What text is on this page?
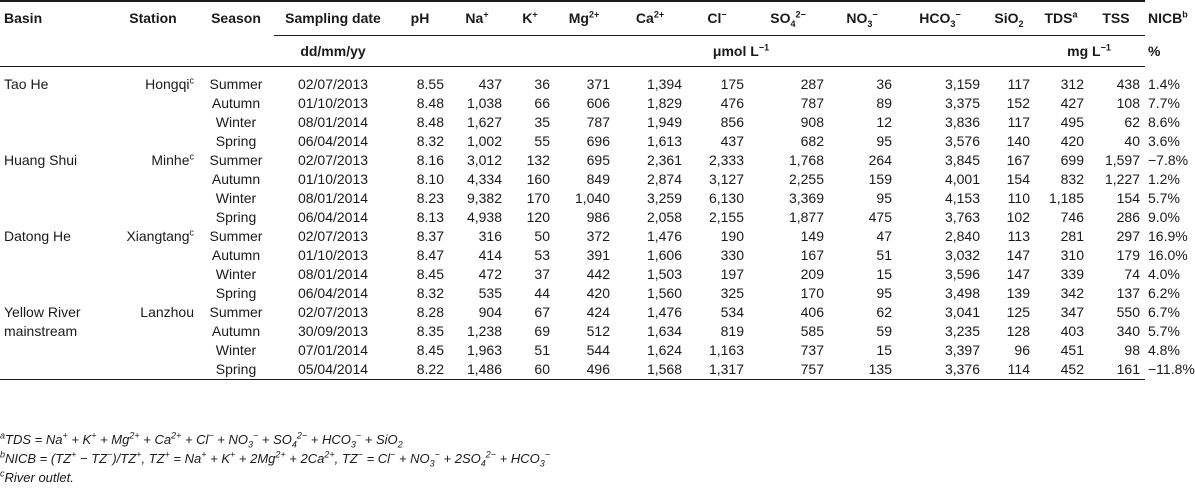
Basin	Station	Season	Sampling date	pH	Na+	K+	$Mg^{2+}$	$Ca^{2+}$	Cl−	$SO_4^{2-}$	$NO_3^-$	$HCO_3^-$	SiO$_2$	TDS$^a$	TSS	NICB$^b$
			dd/mm/yy		μmol $L^{-1}$									mg $L^{-1}$		%
Tao He	Hongqi$^c$	Summer	02/07/2013	8.55	437	36	371	1,394	175	287	36	3,159	117	312	438	1.4%
		Autumn	01/10/2013	8.48	1,038	66	606	1,829	476	787	89	3,375	152	427	108	7.7%
		Winter	08/01/2014	8.48	1,627	35	787	1,949	856	908	12	3,836	117	495	62	8.6%
		Spring	06/04/2014	8.32	1,002	55	696	1,613	437	682	95	3,576	140	420	40	3.6%
Huang Shui	Minhe$^c$	Summer	02/07/2013	8.16	3,012	132	695	2,361	2,333	1,768	264	3,845	167	699	1,597	−7.8%
		Autumn	01/10/2013	8.10	4,334	160	849	2,874	3,127	2,255	159	4,001	154	832	1,227	1.2%
		Winter	08/01/2014	8.23	9,382	170	1,040	3,259	6,130	3,369	95	4,153	110	1,185	154	5.7%
		Spring	06/04/2014	8.13	4,938	120	986	2,058	2,155	1,877	475	3,763	102	746	286	9.0%
Datong He	Xiangtang$^c$	Summer	02/07/2013	8.37	316	50	372	1,476	190	149	47	2,840	113	281	297	16.9%
		Autumn	01/10/2013	8.47	414	53	391	1,606	330	167	51	3,032	147	310	179	16.0%
		Winter	08/01/2014	8.45	472	37	442	1,503	197	209	15	3,596	147	339	74	4.0%
		Spring	06/04/2014	8.32	535	44	420	1,560	325	170	95	3,498	139	342	137	6.2%
Yellow River	Lanzhou	Summer	02/07/2013	8.28	904	67	424	1,476	534	406	62	3,041	125	347	550	6.7%
mainstream		Autumn	30/09/2013	8.35	1,238	69	512	1,634	819	585	59	3,235	128	403	340	5.7%
		Winter	07/01/2014	8.45	1,963	51	544	1,624	1,163	737	15	3,397	96	451	98	4.8%
		Spring	05/04/2014	8.22	1,486	60	496	1,568	1,317	757	135	3,376	114	452	161	−11.8%
$^aTDS = Na^+ + K^+ + Mg^{2+} + Ca^{2+} + Cl^- + NO_3^- + SO_4^{2-} + HCO_3^- + SiO_2$
$^b$NICB = (TZ+ − TZ−)/TZ+, $TZ^+ = Na^+ + K^+ + 2Mg^{2+} + 2Ca^{2+}$, $TZ^- = Cl^- + NO_3^- + 2SO_4^{2-} + HCO_3^-$
$^c$River outlet.
